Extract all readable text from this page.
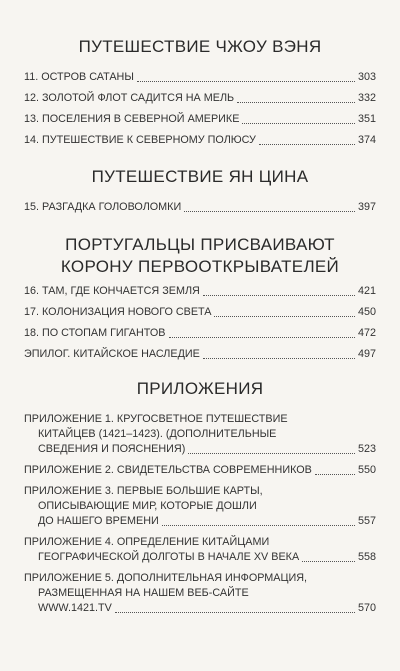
ПУТЕШЕСТВИЕ ЧЖОУ ВЭНЯ
11. ОСТРОВ САТАНЫ	303
12. ЗОЛОТОЙ ФЛОТ САДИТСЯ НА МЕЛЬ	332
13. ПОСЕЛЕНИЯ В СЕВЕРНОЙ АМЕРИКЕ	351
14. ПУТЕШЕСТВИЕ К СЕВЕРНОМУ ПОЛЮСУ	374
ПУТЕШЕСТВИЕ ЯН ЦИНА
15. РАЗГАДКА ГОЛОВОЛОМКИ	397
ПОРТУГАЛЬЦЫ ПРИСВАИВАЮТ
КОРОНУ ПЕРВООТКРЫВАТЕЛЕЙ
16. ТАМ, ГДЕ КОНЧАЕТСЯ ЗЕМЛЯ	421
17. КОЛОНИЗАЦИЯ НОВОГО СВЕТА	450
18. ПО СТОПАМ ГИГАНТОВ	472
ЭПИЛОГ. КИТАЙСКОЕ НАСЛЕДИЕ	497
ПРИЛОЖЕНИЯ
ПРИЛОЖЕНИЕ 1. КРУГОСВЕТНОЕ ПУТЕШЕСТВИЕ
КИТАЙЦЕВ (1421–1423). (ДОПОЛНИТЕЛЬНЫЕ
СВЕДЕНИЯ И ПОЯСНЕНИЯ)	523
ПРИЛОЖЕНИЕ 2. СВИДЕТЕЛЬСТВА СОВРЕМЕННИКОВ	550
ПРИЛОЖЕНИЕ 3. ПЕРВЫЕ БОЛЬШИЕ КАРТЫ,
ОПИСЫВАЮЩИЕ МИР, КОТОРЫЕ ДОШЛИ
ДО НАШЕГО ВРЕМЕНИ	557
ПРИЛОЖЕНИЕ 4. ОПРЕДЕЛЕНИЕ КИТАЙЦАМИ
ГЕОГРАФИЧЕСКОЙ ДОЛГОТЫ В НАЧАЛЕ XV ВЕКА	558
ПРИЛОЖЕНИЕ 5. ДОПОЛНИТЕЛЬНАЯ ИНФОРМАЦИЯ,
РАЗМЕЩЕННАЯ НА НАШЕМ ВЕБ-САЙТЕ
WWW.1421.TV	570
